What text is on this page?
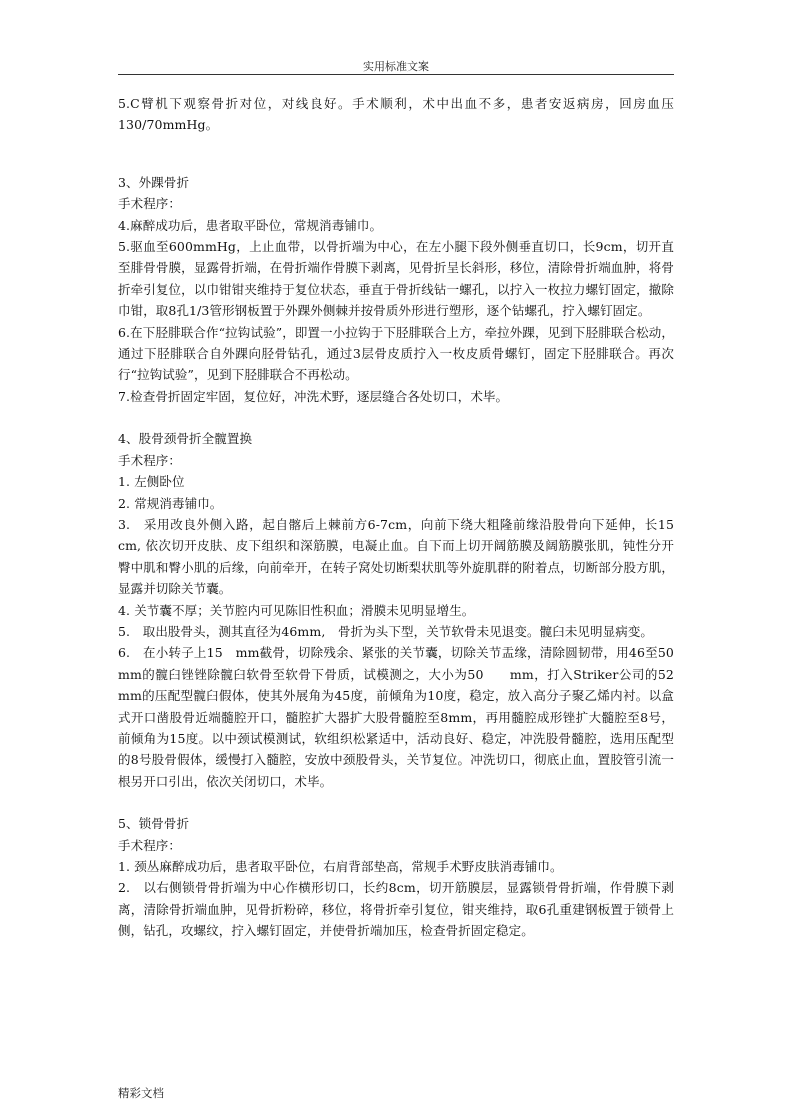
实用标准文案

5.C臂机下观察骨折对位，对线良好。手术顺利，术中出血不多，患者安返病房，回房血压130/70mmHg。

3、外踝骨折

手术程序：

4.麻醉成功后，患者取平卧位，常规消毒铺巾。

5.驱血至600mmHg，上止血带，以骨折端为中心，在左小腿下段外侧垂直切口，长9cm，切开直至腓骨骨膜，显露骨折端，在骨折端作骨膜下剥离，见骨折呈长斜形，移位，清除骨折端血肿，将骨折牵引复位，以巾钳钳夹维持于复位状态，垂直于骨折线钻一螺孔，以拧入一枚拉力螺钉固定，撤除巾钳，取8孔1/3管形钢板置于外踝外侧棘并按骨质外形进行塑形，逐个钻螺孔，拧入螺钉固定。

6.在下胫腓联合作“拉钩试验”，即置一小拉钩于下胫腓联合上方，牵拉外踝，见到下胫腓联合松动，通过下胫腓联合自外踝向胫骨钻孔，通过3层骨皮质拧入一枚皮质骨螺钉，固定下胫腓联合。再次行“拉钩试验”，见到下胫腓联合不再松动。

7.检查骨折固定牢固，复位好，冲洗术野，逐层缝合各处切口，术毕。

4、股骨颈骨折全髋置换

手术程序：

1. 左侧卧位

2. 常规消毒铺巾。

3.　采用改良外侧入路，起自髂后上棘前方6-7cm，向前下绕大粗隆前缘沿股骨向下延伸，长15 cm, 依次切开皮肤、皮下组织和深筋膜，电凝止血。自下而上切开阔筋膜及阔筋膜张肌，钝性分开臀中肌和臀小肌的后缘，向前牵开，在转子窝处切断梨状肌等外旋肌群的附着点，切断部分股方肌，显露并切除关节囊。

4. 关节囊不厚；关节腔内可见陈旧性积血；滑膜未见明显增生。

5.　取出股骨头，测其直径为46mm,　骨折为头下型，关节软骨未见退变。髋臼未见明显病变。

6.　在小转子上15　mm截骨，切除残余、紧张的关节囊，切除关节盂缘，清除圆韧带，用46至50　　mm的髋臼锉锉除髋臼软骨至软骨下骨质，试模测之，大小为50　　mm，打入Striker公司的52　mm的压配型髋臼假体，使其外展角为45度，前倾角为10度，稳定，放入高分子聚乙烯内衬。以盒式开口凿股骨近端髓腔开口，髓腔扩大器扩大股骨髓腔至8mm，再用髓腔成形锉扩大髓腔至8号，前倾角为15度。以中颈试模测试，软组织松紧适中，活动良好、稳定，冲洗股骨髓腔，选用压配型的8号股骨假体，缓慢打入髓腔，安放中颈股骨头，关节复位。冲洗切口，彻底止血，置胶管引流一根另开口引出，依次关闭切口，术毕。

5、锁骨骨折

手术程序：

1. 颈丛麻醉成功后，患者取平卧位，右肩背部垫高，常规手术野皮肤消毒铺巾。

2.　以右侧锁骨骨折端为中心作横形切口，长约8cm，切开筋膜层，显露锁骨骨折端，作骨膜下剥离，清除骨折端血肿，见骨折粉碎，移位，将骨折牵引复位，钳夹维持，取6孔重建钢板置于锁骨上侧，钻孔，攻螺纹，拧入螺钉固定，并使骨折端加压，检查骨折固定稳定。

精彩文档
